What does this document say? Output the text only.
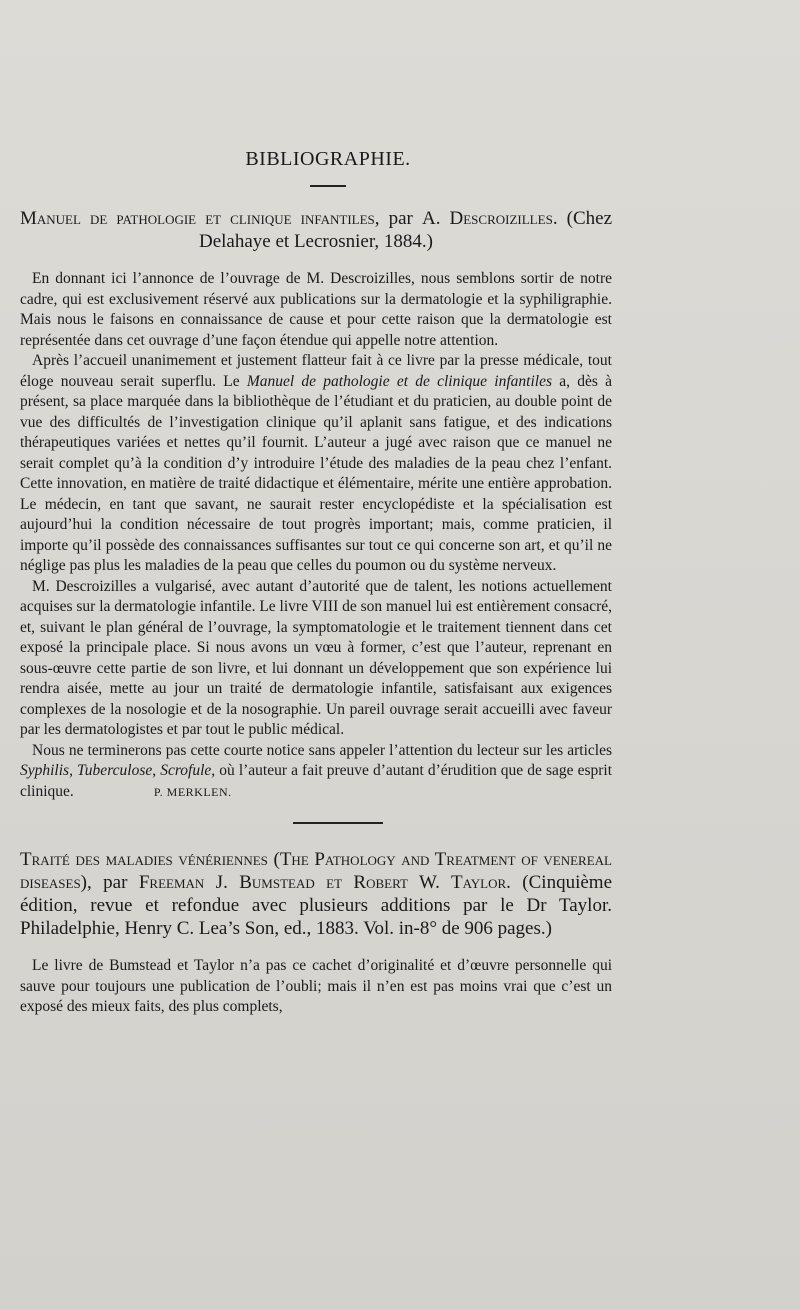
BIBLIOGRAPHIE.
Manuel de pathologie et clinique infantiles, par A. Descroizilles. (Chez Delahaye et Lecrosnier, 1884.)

En donnant ici l’annonce de l’ouvrage de M. Descroizilles, nous semblons sortir de notre cadre, qui est exclusivement réservé aux publications sur la dermatologie et la syphiligraphie. Mais nous le faisons en connaissance de cause et pour cette raison que la dermatologie est représentée dans cet ouvrage d’une façon étendue qui appelle notre attention.

Après l’accueil unanimement et justement flatteur fait à ce livre par la presse médicale, tout éloge nouveau serait superflu. Le Manuel de pathologie et de clinique infantiles a, dès à présent, sa place marquée dans la bibliothèque de l’étudiant et du praticien, au double point de vue des difficultés de l’investigation clinique qu’il aplanit sans fatigue, et des indications thérapeutiques variées et nettes qu’il fournit. L’auteur a jugé avec raison que ce manuel ne serait complet qu’à la condition d’y introduire l’étude des maladies de la peau chez l’enfant. Cette innovation, en matière de traité didactique et élémentaire, mérite une entière approbation. Le médecin, en tant que savant, ne saurait rester encyclopédiste et la spécialisation est aujourd’hui la condition nécessaire de tout progrès important; mais, comme praticien, il importe qu’il possède des connaissances suffisantes sur tout ce qui concerne son art, et qu’il ne néglige pas plus les maladies de la peau que celles du poumon ou du système nerveux.

M. Descroizilles a vulgarisé, avec autant d’autorité que de talent, les notions actuellement acquises sur la dermatologie infantile. Le livre VIII de son manuel lui est entièrement consacré, et, suivant le plan général de l’ouvrage, la symptomatologie et le traitement tiennent dans cet exposé la principale place. Si nous avons un vœu à former, c’est que l’auteur, reprenant en sous-œuvre cette partie de son livre, et lui donnant un développement que son expérience lui rendra aisée, mette au jour un traité de dermatologie infantile, satisfaisant aux exigences complexes de la nosologie et de la nosographie. Un pareil ouvrage serait accueilli avec faveur par les dermatologistes et par tout le public médical.

Nous ne terminerons pas cette courte notice sans appeler l’attention du lecteur sur les articles Syphilis, Tuberculose, Scrofule, où l’auteur a fait preuve d’autant d’érudition que de sage esprit clinique.	P. MERKLEN.

Traité des maladies vénériennes (The Pathology and Treatment of venereal diseases), par Freeman J. Bumstead et Robert W. Taylor. (Cinquième édition, revue et refondue avec plusieurs additions par le Dr Taylor. Philadelphie, Henry C. Lea’s Son, ed., 1883. Vol. in-8° de 906 pages.)

Le livre de Bumstead et Taylor n’a pas ce cachet d’originalité et d’œuvre personnelle qui sauve pour toujours une publication de l’oubli; mais il n’en est pas moins vrai que c’est un exposé des mieux faits, des plus complets,
